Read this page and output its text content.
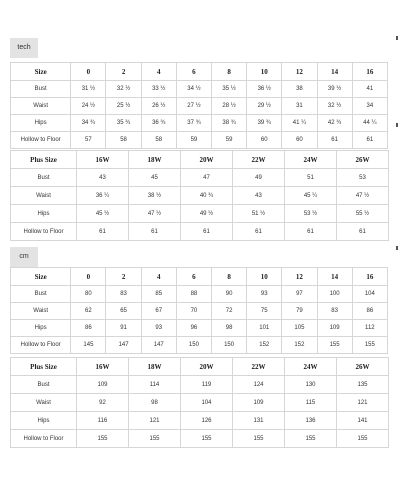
tech
Size	0	2	4	6	8	10	12	14	16
Bust	31 ½	32 ½	33 ½	34 ½	35 ½	36 ½	38	39 ½	41
Waist	24 ½	25 ½	26 ½	27 ½	28 ½	29 ½	31	32 ½	34
Hips	34 ¾	35 ¾	36 ¾	37 ¾	38 ¾	39 ¾	41 ¼	42 ¾	44 ¼
Hollow to Floor	57	58	58	59	59	60	60	61	61
Plus Size	16W	18W	20W	22W	24W	26W
Bust	43	45	47	49	51	53
Waist	36 ¼	38 ½	40 ¾	43	45 ¼	47 ½
Hips	45 ½	47 ½	49 ½	51 ½	53 ½	55 ½
Hollow to Floor	61	61	61	61	61	61
cm
Size	0	2	4	6	8	10	12	14	16
Bust	80	83	85	88	90	93	97	100	104
Waist	62	65	67	70	72	75	79	83	86
Hips	86	91	93	96	98	101	105	109	112
Hollow to Floor	145	147	147	150	150	152	152	155	155
Plus Size	16W	18W	20W	22W	24W	26W
Bust	109	114	119	124	130	135
Waist	92	98	104	109	115	121
Hips	116	121	126	131	136	141
Hollow to Floor	155	155	155	155	155	155
